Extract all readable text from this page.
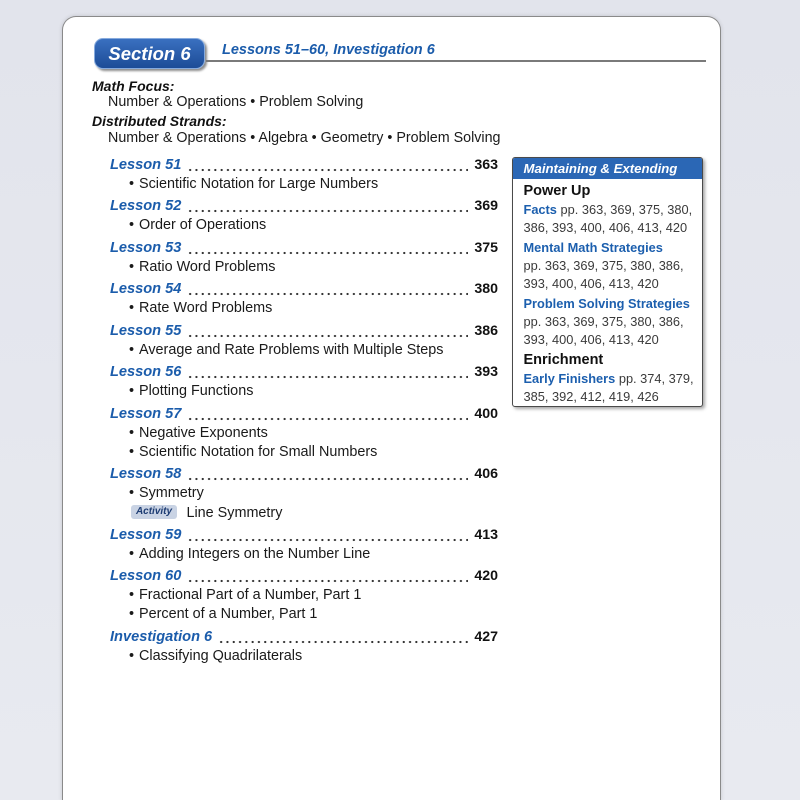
Section 6	Lessons 51–60, Investigation 6
Math Focus:
Number & Operations • Problem Solving
Distributed Strands:
Number & Operations • Algebra • Geometry • Problem Solving
Lesson 51	363
• Scientific Notation for Large Numbers
Lesson 52	369
• Order of Operations
Lesson 53	375
• Ratio Word Problems
Lesson 54	380
• Rate Word Problems
Lesson 55	386
• Average and Rate Problems with Multiple Steps
Lesson 56	393
• Plotting Functions
Lesson 57	400
• Negative Exponents
• Scientific Notation for Small Numbers
Lesson 58	406
• Symmetry
Activity Line Symmetry
Lesson 59	413
• Adding Integers on the Number Line
Lesson 60	420
• Fractional Part of a Number, Part 1
• Percent of a Number, Part 1
Investigation 6	427
• Classifying Quadrilaterals
Maintaining & Extending

Power Up

Facts pp. 363, 369, 375, 380, 386, 393, 400, 406, 413, 420

Mental Math Strategies

pp. 363, 369, 375, 380, 386, 393, 400, 406, 413, 420

Problem Solving Strategies

pp. 363, 369, 375, 380, 386, 393, 400, 406, 413, 420

Enrichment

Early Finishers pp. 374, 379, 385, 392, 412, 419, 426
